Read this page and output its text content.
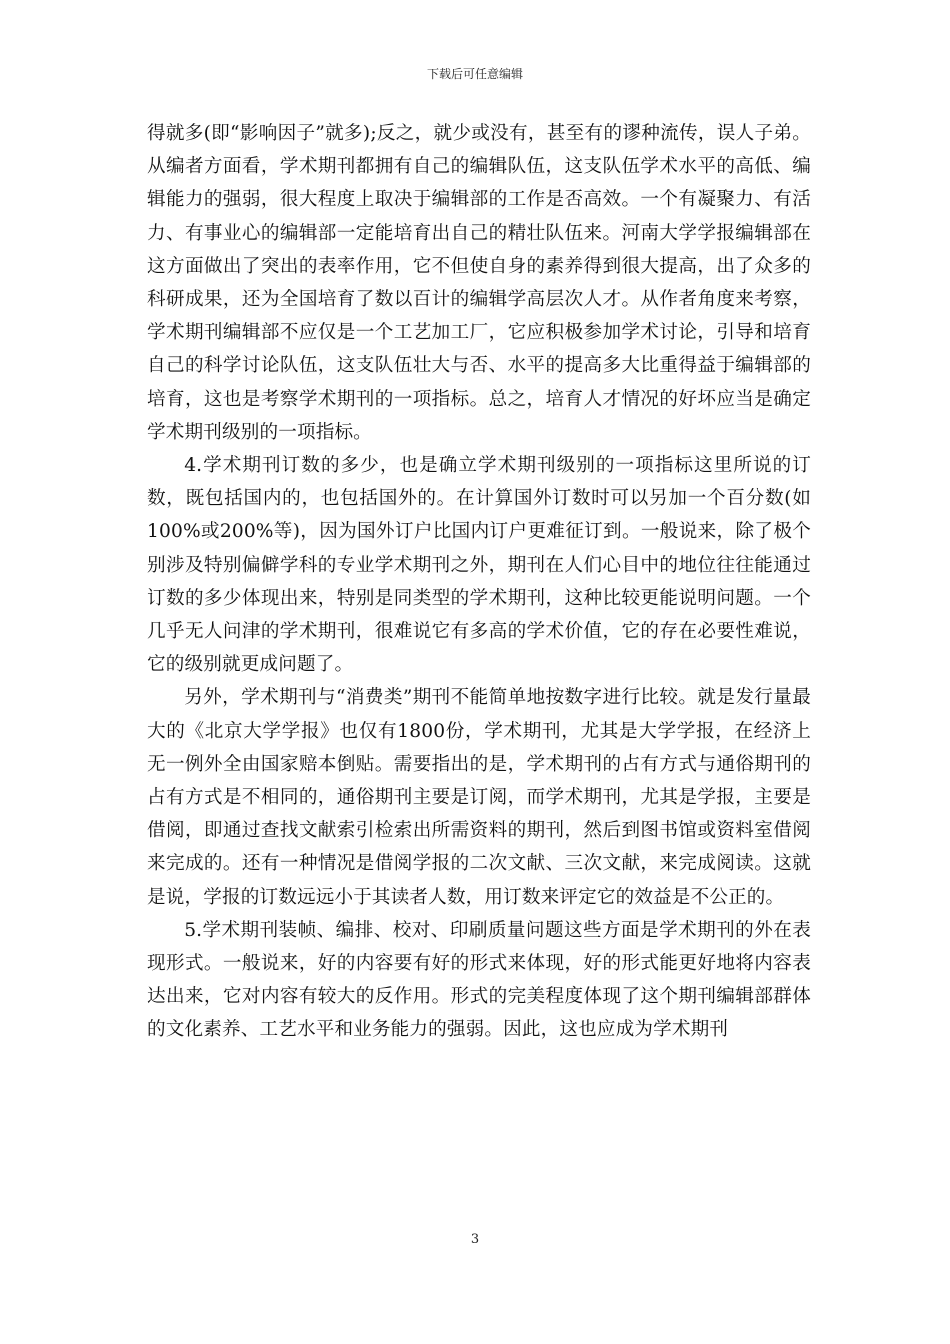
下载后可任意编辑

得就多(即“影响因子”就多);反之，就少或没有，甚至有的谬种流传，误人子弟。从编者方面看，学术期刊都拥有自己的编辑队伍，这支队伍学术水平的高低、编辑能力的强弱，很大程度上取决于编辑部的工作是否高效。一个有凝聚力、有活力、有事业心的编辑部一定能培育出自己的精壮队伍来。河南大学学报编辑部在这方面做出了突出的表率作用，它不但使自身的素养得到很大提高，出了众多的科研成果，还为全国培育了数以百计的编辑学高层次人才。从作者角度来考察，学术期刊编辑部不应仅是一个工艺加工厂，它应积极参加学术讨论，引导和培育自己的科学讨论队伍，这支队伍壮大与否、水平的提高多大比重得益于编辑部的培育，这也是考察学术期刊的一项指标。总之，培育人才情况的好坏应当是确定学术期刊级别的一项指标。

4.学术期刊订数的多少，也是确立学术期刊级别的一项指标这里所说的订数，既包括国内的，也包括国外的。在计算国外订数时可以另加一个百分数(如100%或200%等)，因为国外订户比国内订户更难征订到。一般说来，除了极个别涉及特别偏僻学科的专业学术期刊之外，期刊在人们心目中的地位往往能通过订数的多少体现出来，特别是同类型的学术期刊，这种比较更能说明问题。一个几乎无人问津的学术期刊，很难说它有多高的学术价值，它的存在必要性难说，它的级别就更成问题了。

另外，学术期刊与“消费类”期刊不能简单地按数字进行比较。就是发行量最大的《北京大学学报》也仅有1800份，学术期刊，尤其是大学学报，在经济上无一例外全由国家赔本倒贴。需要指出的是，学术期刊的占有方式与通俗期刊的占有方式是不相同的，通俗期刊主要是订阅，而学术期刊，尤其是学报，主要是借阅，即通过查找文献索引检索出所需资料的期刊，然后到图书馆或资料室借阅来完成的。还有一种情况是借阅学报的二次文献、三次文献，来完成阅读。这就是说，学报的订数远远小于其读者人数，用订数来评定它的效益是不公正的。

5.学术期刊装帧、编排、校对、印刷质量问题这些方面是学术期刊的外在表现形式。一般说来，好的内容要有好的形式来体现，好的形式能更好地将内容表达出来，它对内容有较大的反作用。形式的完美程度体现了这个期刊编辑部群体的文化素养、工艺水平和业务能力的强弱。因此，这也应成为学术期刊

3
